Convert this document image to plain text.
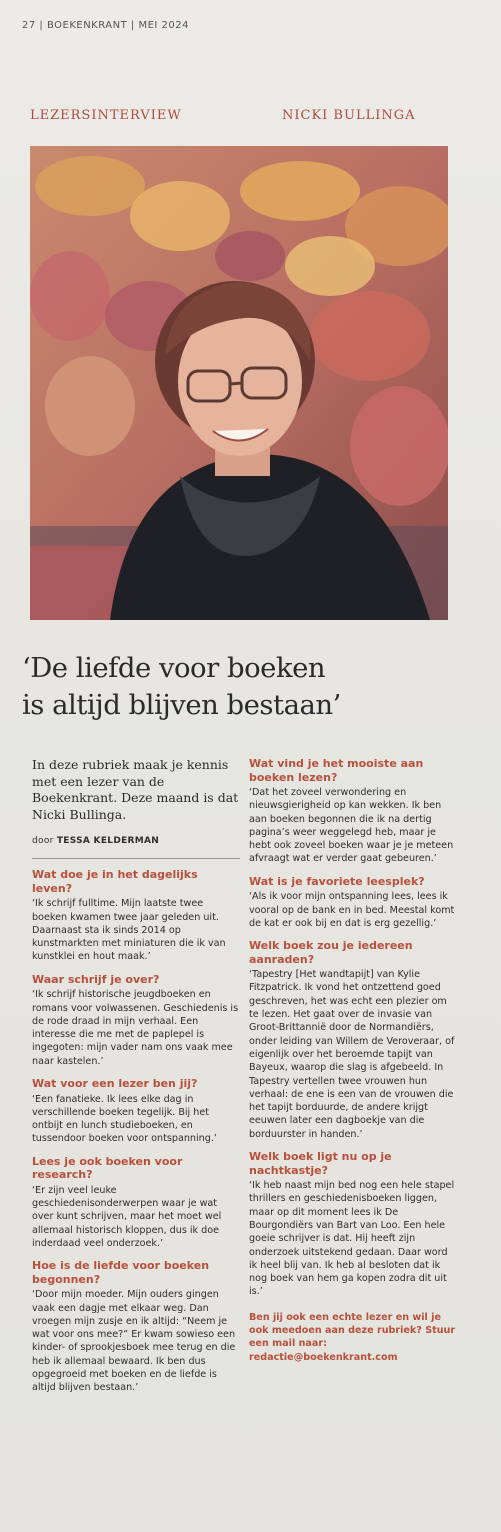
27 | BOEKENKRANT | MEI 2024
LEZERSINTERVIEW	NICKI BULLINGA
‘De liefde voor boeken
is altijd blijven bestaan’
In deze rubriek maak je kennis met een lezer van de Boekenkrant. Deze maand is dat Nicki Bullinga.
door TESSA KELDERMAN
Wat doe je in het dagelijks leven?

‘Ik schrijf fulltime. Mijn laatste twee boeken kwamen twee jaar geleden uit. Daarnaast sta ik sinds 2014 op kunstmarkten met miniaturen die ik van kunstklei en hout maak.’

Waar schrijf je over?

‘Ik schrijf historische jeugdboeken en romans voor volwassenen. Geschiedenis is de rode draad in mijn verhaal. Een interesse die me met de paplepel is ingegoten: mijn vader nam ons vaak mee naar kastelen.’

Wat voor een lezer ben jij?

‘Een fanatieke. Ik lees elke dag in verschillende boeken tegelijk. Bij het ontbijt en lunch studieboeken, en tussendoor boeken voor ontspanning.’

Lees je ook boeken voor research?

‘Er zijn veel leuke geschiedenisonderwerpen waar je wat over kunt schrijven, maar het moet wel allemaal historisch kloppen, dus ik doe inderdaad veel onderzoek.’

Hoe is de liefde voor boeken begonnen?

‘Door mijn moeder. Mijn ouders gingen vaak een dagje met elkaar weg. Dan vroegen mijn zusje en ik altijd: “Neem je wat voor ons mee?” Er kwam sowieso een kinder- of sprookjesboek mee terug en die heb ik allemaal bewaard. Ik ben dus opgegroeid met boeken en de liefde is altijd blijven bestaan.’

Wat vind je het mooiste aan boeken lezen?

‘Dat het zoveel verwondering en nieuwsgierigheid op kan wekken. Ik ben aan boeken begonnen die ik na dertig pagina’s weer weggelegd heb, maar je hebt ook zoveel boeken waar je je meteen afvraagt wat er verder gaat gebeuren.’

Wat is je favoriete leesplek?

‘Als ik voor mijn ontspanning lees, lees ik vooral op de bank en in bed. Meestal komt de kat er ook bij en dat is erg gezellig.’

Welk boek zou je iedereen aanraden?

‘Tapestry [Het wandtapijt] van Kylie Fitzpatrick. Ik vond het ontzettend goed geschreven, het was echt een plezier om te lezen. Het gaat over de invasie van Groot-Brittannië door de Normandiërs, onder leiding van Willem de Veroveraar, of eigenlijk over het beroemde tapijt van Bayeux, waarop die slag is afgebeeld. In Tapestry vertellen twee vrouwen hun verhaal: de ene is een van de vrouwen die het tapijt borduurde, de andere krijgt eeuwen later een dagboekje van die borduurster in handen.’

Welk boek ligt nu op je nachtkastje?

‘Ik heb naast mijn bed nog een hele stapel thrillers en geschiedenisboeken liggen, maar op dit moment lees ik De Bourgondiërs van Bart van Loo. Een hele goeie schrijver is dat. Hij heeft zijn onderzoek uitstekend gedaan. Daar word ik heel blij van. Ik heb al besloten dat ik nog boek van hem ga kopen zodra dit uit is.’

Ben jij ook een echte lezer en wil je ook meedoen aan deze rubriek? Stuur een mail naar:
redactie@boekenkrant.com
